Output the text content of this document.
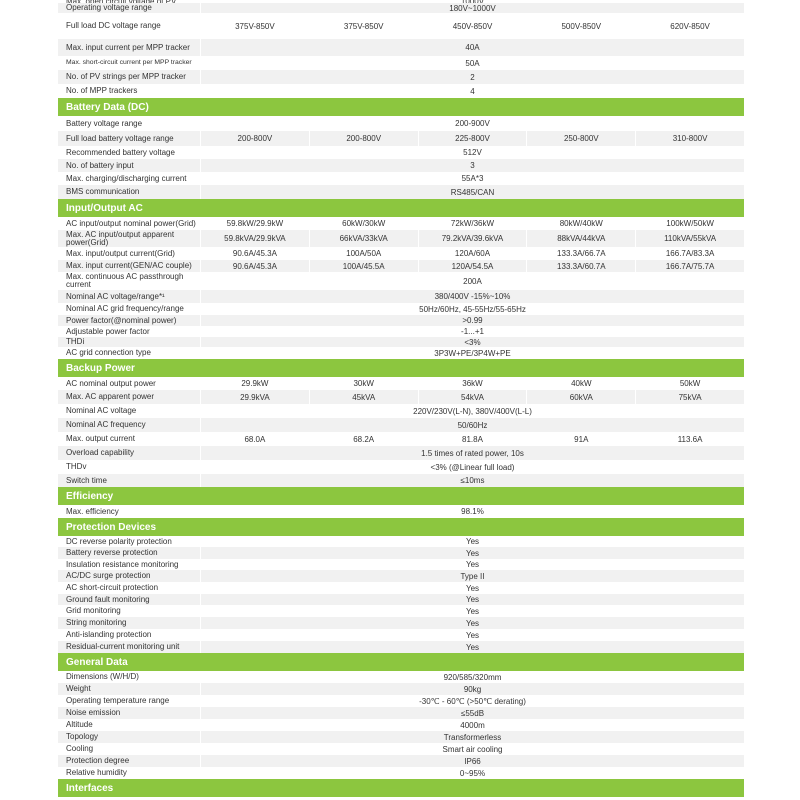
Operating voltage range	180V~1000V
Full load DC voltage range	375V-850V	375V-850V	450V-850V	500V-850V	620V-850V
Max. input current per MPP tracker	40A
Max. short-circuit current per MPP tracker	50A
No. of PV strings per MPP tracker	2
No. of MPP trackers	4
Battery Data (DC)
Battery voltage range	200-900V
Full load battery voltage range	200-800V	200-800V	225-800V	250-800V	310-800V
Recommended battery voltage	512V
No. of battery input	3
Max. charging/discharging current	55A*3
BMS communication	RS485/CAN
Input/Output AC
AC input/output nominal power(Grid)	59.8kW/29.9kW	60kW/30kW	72kW/36kW	80kW/40kW	100kW/50kW
Max. AC input/output apparent power(Grid)	59.8kVA/29.9kVA	66kVA/33kVA	79.2kVA/39.6kVA	88kVA/44kVA	110kVA/55kVA
Max. input/output current(Grid)	90.6A/45.3A	100A/50A	120A/60A	133.3A/66.7A	166.7A/83.3A
Max. input current(GEN/AC couple)	90.6A/45.3A	100A/45.5A	120A/54.5A	133.3A/60.7A	166.7A/75.7A
Max. continuous AC passthrough current	200A
Nominal AC voltage/range*¹	380/400V -15%~10%
Nominal AC grid frequency/range	50Hz/60Hz, 45-55Hz/55-65Hz
Power factor(@nominal power)	>0.99
Adjustable power factor	-1...+1
THDi	<3%
AC grid connection type	3P3W+PE/3P4W+PE
Backup Power
AC nominal output power	29.9kW	30kW	36kW	40kW	50kW
Max. AC apparent power	29.9kVA	45kVA	54kVA	60kVA	75kVA
Nominal AC voltage	220V/230V(L-N), 380V/400V(L-L)
Nominal AC frequency	50/60Hz
Max. output current	68.0A	68.2A	81.8A	91A	113.6A
Overload capability	1.5 times of rated power, 10s
THDv	<3% (@Linear full load)
Switch time	≤10ms
Efficiency
Max. efficiency	98.1%
Protection Devices
DC reverse polarity protection	Yes
Battery reverse protection	Yes
Insulation resistance monitoring	Yes
AC/DC surge protection	Type II
AC short-circuit protection	Yes
Ground fault monitoring	Yes
Grid monitoring	Yes
String monitoring	Yes
Anti-islanding protection	Yes
Residual-current monitoring unit	Yes
General Data
Dimensions (W/H/D)	920/585/320mm
Weight	90kg
Operating temperature range	-30℃ - 60℃ (>50℃ derating)
Noise emission	≤55dB
Altitude	4000m
Topology	Transformerless
Cooling	Smart air cooling
Protection degree	IP66
Relative humidity	0~95%
Interfaces
